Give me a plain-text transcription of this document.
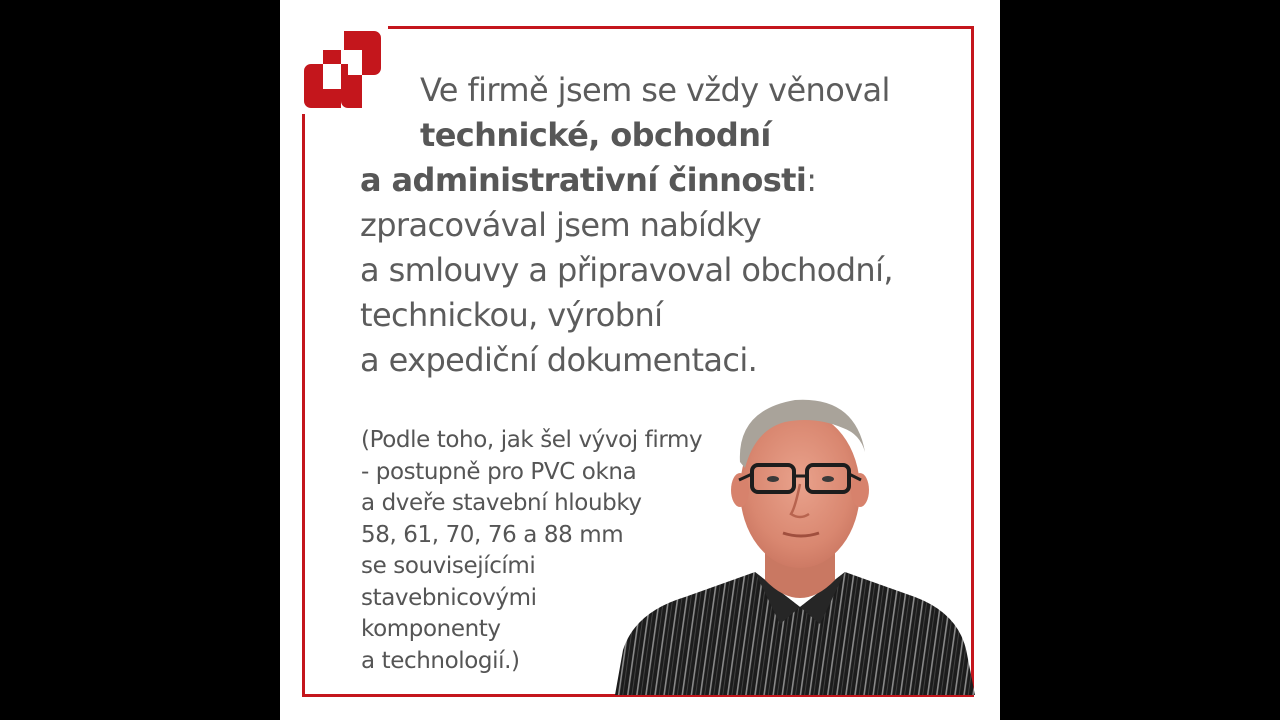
Ve firmě jsem se vždy věnoval
technické, obchodní
a administrativní činnosti:
zpracovával jsem nabídky
a smlouvy a připravoval obchodní,
technickou, výrobní
a expediční dokumentaci.

(Podle toho, jak šel vývoj firmy
- postupně pro PVC okna
a dveře stavební hloubky
58, 61, 70, 76 a 88 mm
se souvisejícími
stavebnicovými
komponenty
a technologií.)
